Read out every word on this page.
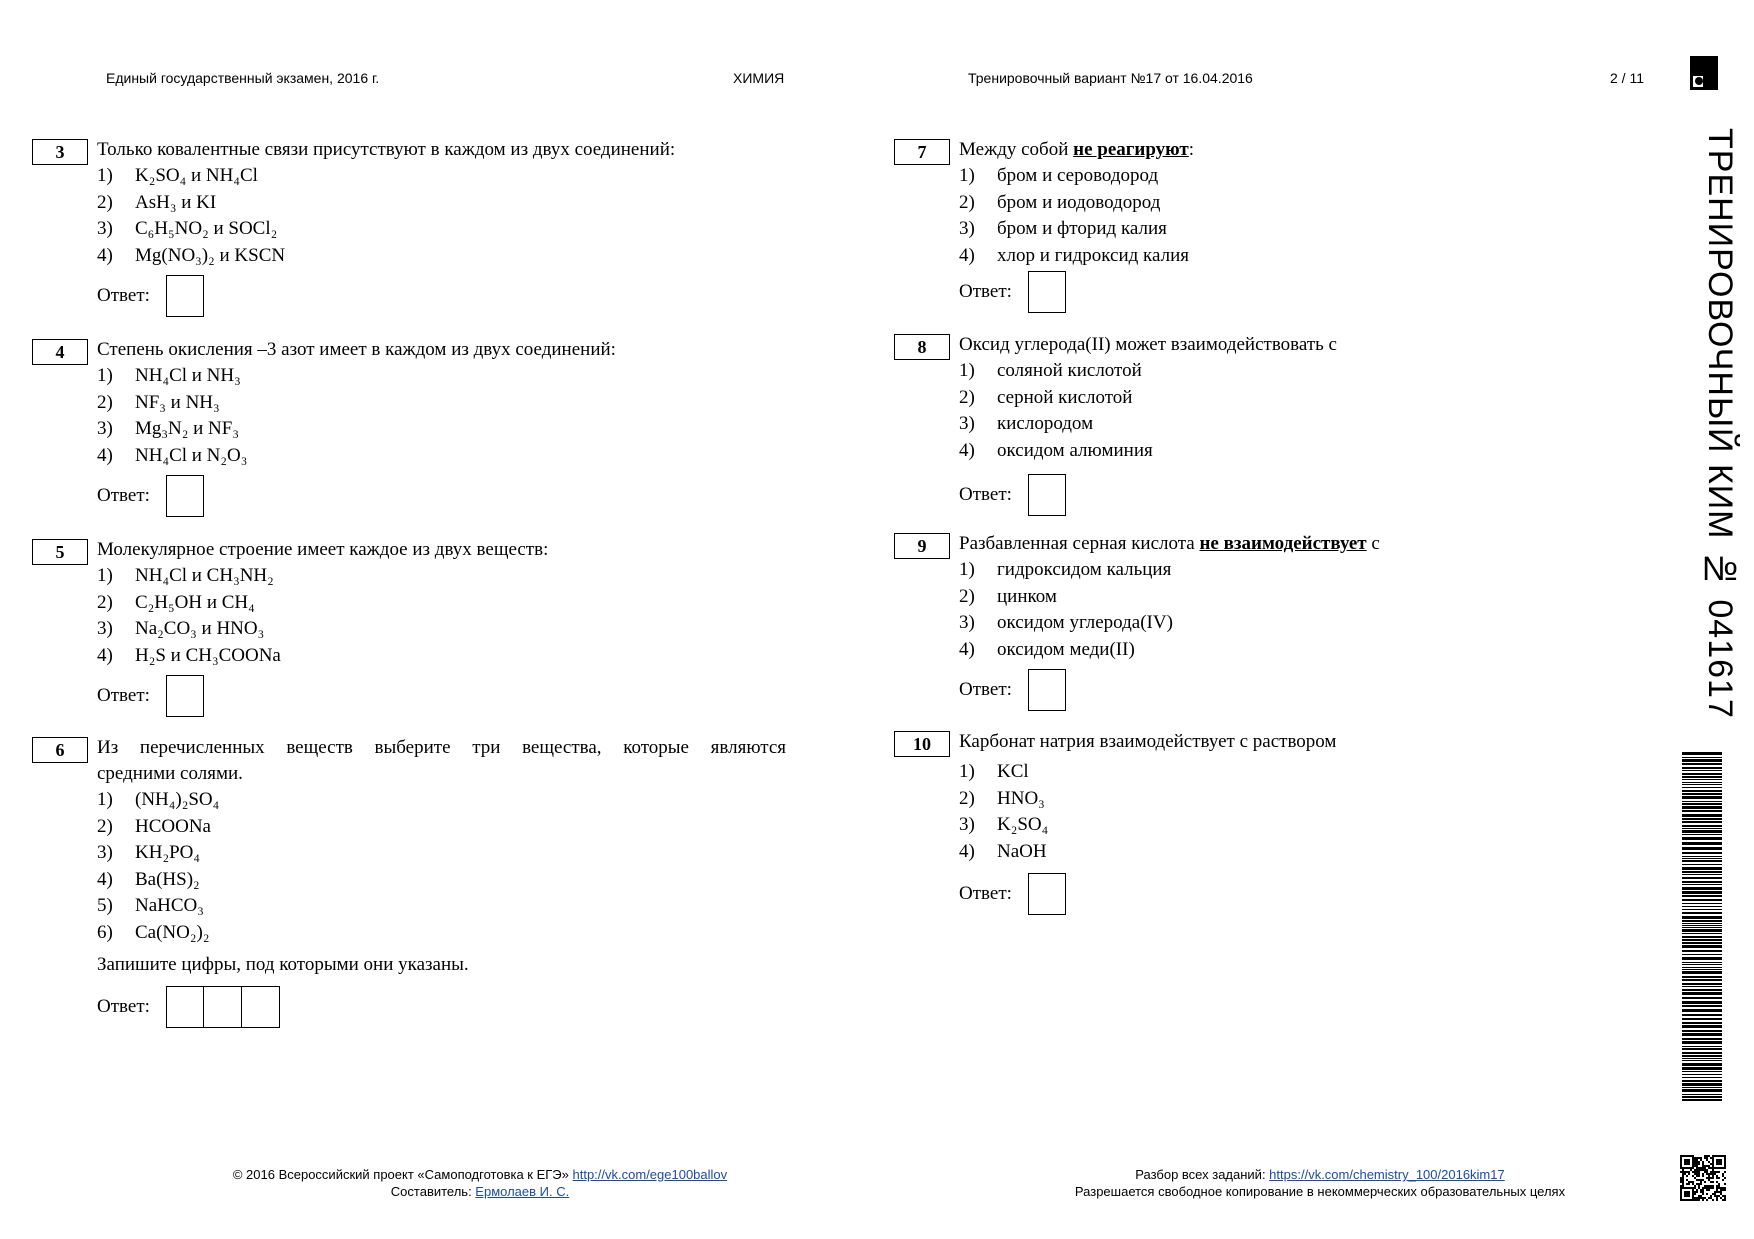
Единый государственный экзамен, 2016 г.	ХИМИЯ	Тренировочный вариант №17 от 16.04.2016	2 / 11
3	Только ковалентные связи присутствуют в каждом из двух соединений:
1)	K₂SO₄ и NH₄Cl
2)	AsH₃ и KI
3)	C₆H₅NO₂ и SOCl₂
4)	Mg(NO₃)₂ и KSCN
Ответ:
4	Степень окисления –3 азот имеет в каждом из двух соединений:
1)	NH₄Cl и NH₃
2)	NF₃ и NH₃
3)	Mg₃N₂ и NF₃
4)	NH₄Cl и N₂O₃
Ответ:
5	Молекулярное строение имеет каждое из двух веществ:
1)	NH₄Cl и CH₃NH₂
2)	C₂H₅OH и CH₄
3)	Na₂CO₃ и HNO₃
4)	H₂S и CH₃COONa
Ответ:
6	Из перечисленных веществ выберите три вещества, которые являются
средними солями.
1)	(NH₄)₂SO₄
2)	HCOONa
3)	KH₂PO₄
4)	Ba(HS)₂
5)	NaHCO₃
6)	Ca(NO₂)₂
Запишите цифры, под которыми они указаны.
Ответ:
7	Между собой не реагируют:
1)	бром и сероводород
2)	бром и иодоводород
3)	бром и фторид калия
4)	хлор и гидроксид калия
Ответ:
8	Оксид углерода(II) может взаимодействовать с
1)	соляной кислотой
2)	серной кислотой
3)	кислородом
4)	оксидом алюминия
Ответ:
9	Разбавленная серная кислота не взаимодействует с
1)	гидроксидом кальция
2)	цинком
3)	оксидом углерода(IV)
4)	оксидом меди(II)
Ответ:
10	Карбонат натрия взаимодействует с раствором
1)	KCl
2)	HNO₃
3)	K₂SO₄
4)	NaOH
Ответ:
ТРЕНИРОВОЧНЫЙ КИМ № 041617
© 2016 Всероссийский проект «Самоподготовка к ЕГЭ» http://vk.com/ege100ballov
Составитель: Ермолаев И. С.
Разбор всех заданий: https://vk.com/chemistry_100/2016kim17
Разрешается свободное копирование в некоммерческих образовательных целях
